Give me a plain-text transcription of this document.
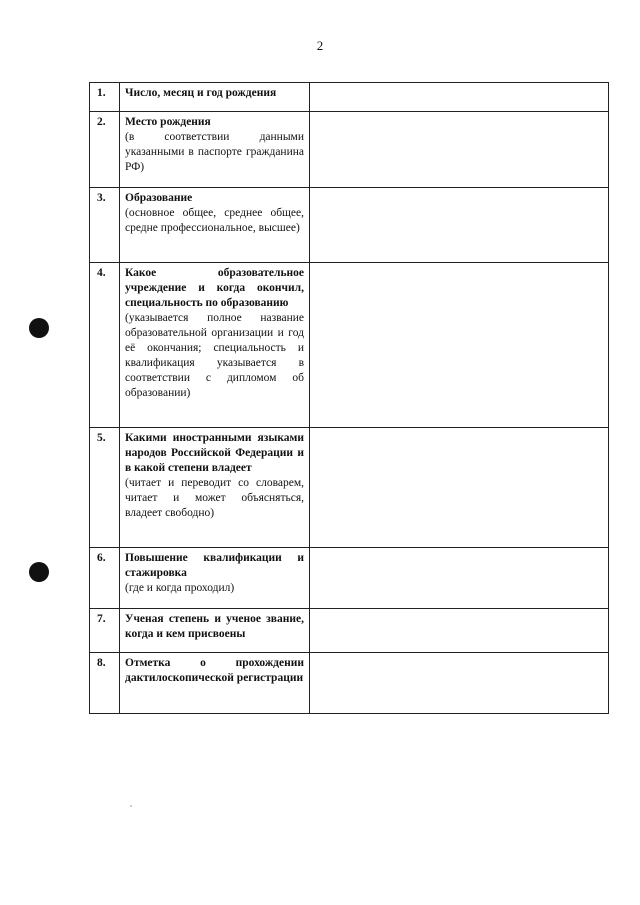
2
1.	Число, месяц и год рождения	

2.	Место рождения
(в соответствии данными указанными в паспорте гражданина РФ)	

3.	Образование
(основное общее, среднее общее, средне профессиональное, высшее)	

4.	Какое образовательное учреждение и когда окончил, специальность по образованию
(указывается полное название образовательной организации и год её окончания; специальность и квалификация указывается в соответствии с дипломом об образовании)	

5.	Какими иностранными языками народов Российской Федерации и в какой степени владеет
(читает и переводит со словарем, читает и может объясняться, владеет свободно)	

6.	Повышение квалификации и стажировка
(где и когда проходил)	

7.	Ученая степень и ученое звание, когда и кем присвоены	

8.	Отметка о прохождении дактилоскопической регистрации	
